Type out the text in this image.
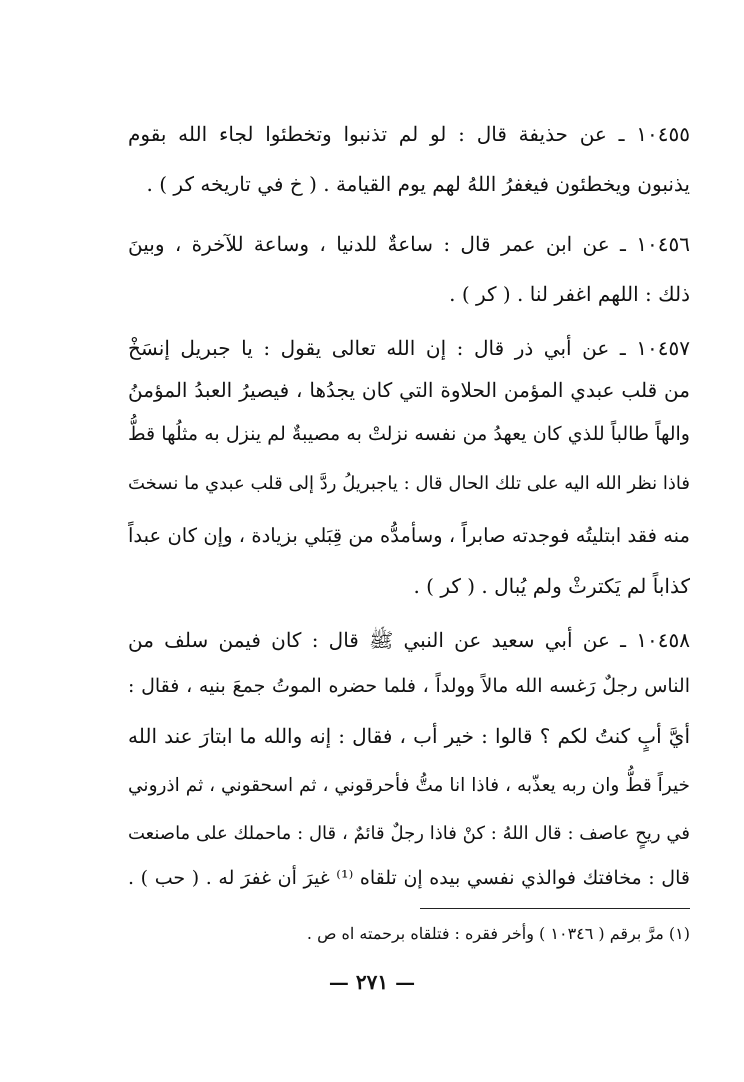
١٠٤٥٥ ـ عن حذيفة قال : لو لم تذنبوا وتخطئوا لجاء الله بقوم
يذنبون ويخطئون فيغفرُ اللهُ لهم يوم القيامة . ( خ في تاريخه كر ) .
١٠٤٥٦ ـ عن ابن عمر قال : ساعةٌ للدنيا ، وساعة للآخرة ، وبينَ
ذلك : اللهم اغفر لنا . ( كر ) .
١٠٤٥٧ ـ عن أبي ذر قال : إن الله تعالى يقول : يا جبريل إنسَخْ
من قلب عبدي المؤمن الحلاوة التي كان يجدُها ، فيصيرُ العبدُ المؤمنُ
والهاً طالباً للذي كان يعهدُ من نفسه نزلتْ به مصيبةٌ لم ينزل به مثلُها قطُّ
فاذا نظر الله اليه على تلك الحال قال : ياجبريلُ ردَّ إلى قلب عبدي ما نسختَ
منه فقد ابتليتُه فوجدته صابراً ، وسأمدُّه من قِبَلي بزيادة ، وإن كان عبداً
كذاباً لم يَكترثْ ولم يُبال . ( كر ) .
١٠٤٥٨ ـ عن أبي سعيد عن النبي ﷺ قال : كان فيمن سلف من
الناس رجلٌ رَغسه الله مالاً وولداً ، فلما حضره الموتُ جمعَ بنيه ، فقال :
أيَّ أبٍ كنتُ لكم ؟ قالوا : خير أب ، فقال : إنه والله ما ابتارَ عند الله
خيراً قطُّ وان ربه يعذّبه ، فاذا انا متُّ فأحرقوني ، ثم اسحقوني ، ثم اذروني
في ريحٍ عاصف : قال اللهُ : كنْ فاذا رجلٌ قائمٌ ، قال : ماحملك على ماصنعت
قال : مخافتك فوالذي نفسي بيده إن تلقاه ⁽¹⁾ غيرَ أن غفرَ له . ( حب ) .
(١) مرَّ برقم ( ١٠٣٤٦ ) وأخر فقره : فتلقاه برحمته اه ص .
— ٢٧١ —
